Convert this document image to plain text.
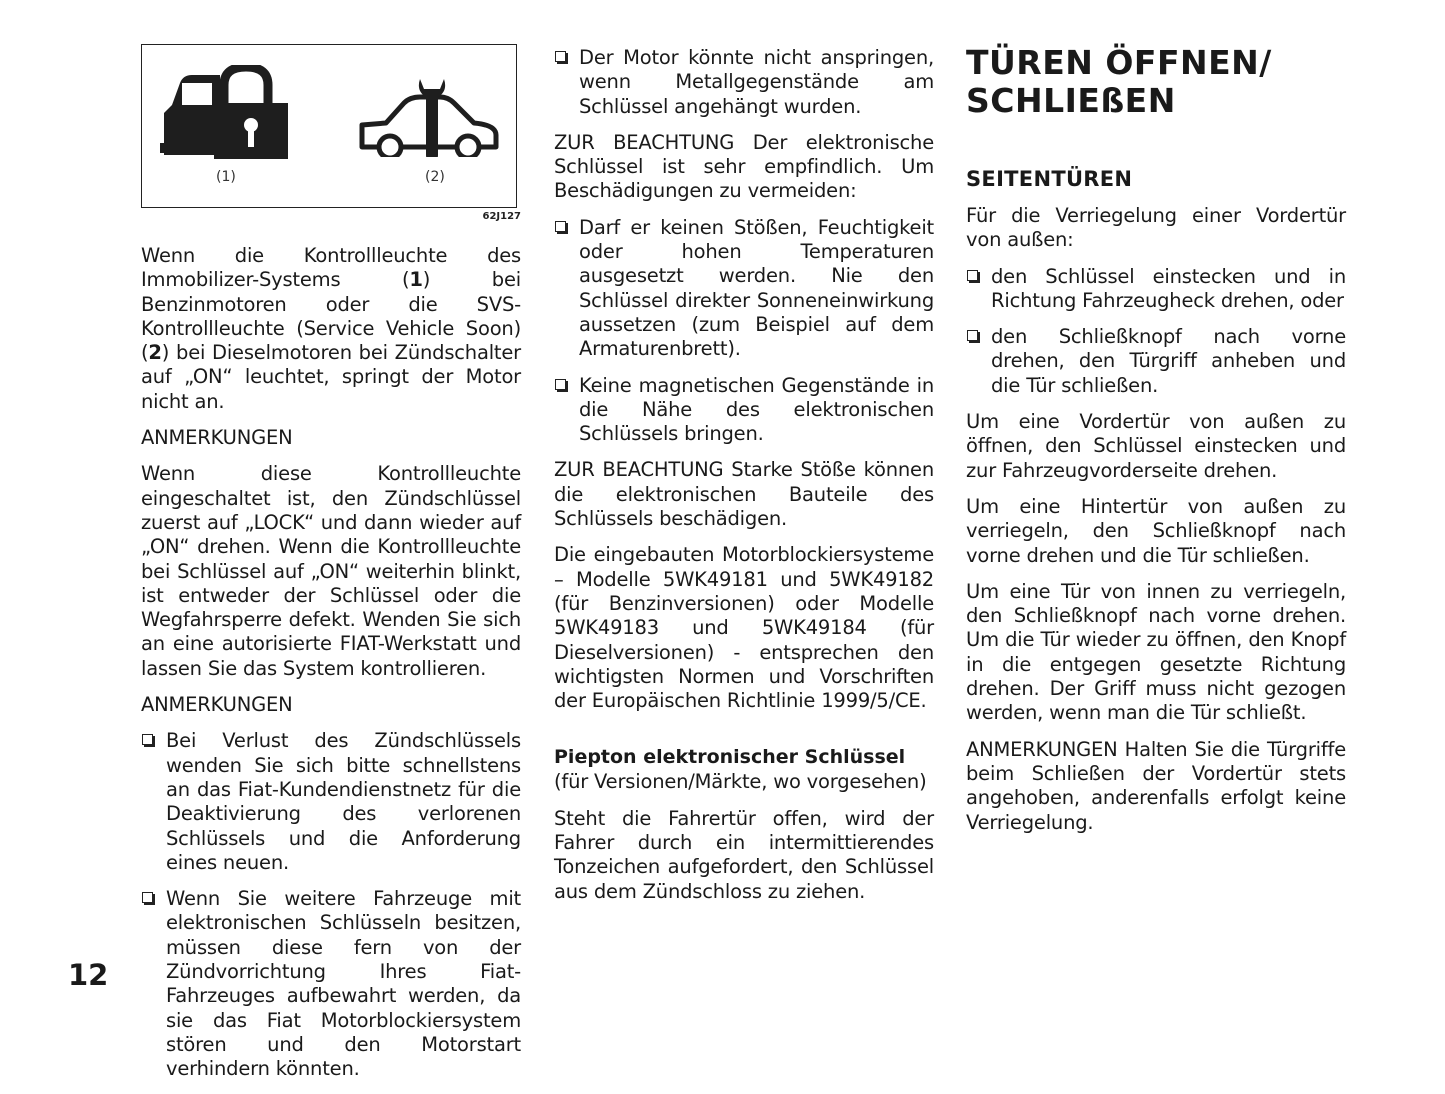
(1)	(2)
62J127

Wenn die Kontrollleuchte des Immobilizer-Systems (1) bei Benzinmotoren oder die SVS-Kontrollleuchte (Service Vehicle Soon) (2) bei Dieselmotoren bei Zündschalter auf „ON“ leuchtet, springt der Motor nicht an.

ANMERKUNGEN

Wenn diese Kontrollleuchte eingeschaltet ist, den Zündschlüssel zuerst auf „LOCK“ und dann wieder auf „ON“ drehen. Wenn die Kontrollleuchte bei Schlüssel auf „ON“ weiterhin blinkt, ist entweder der Schlüssel oder die Wegfahrsperre defekt. Wenden Sie sich an eine autorisierte FIAT-Werkstatt und lassen Sie das System kontrollieren.

ANMERKUNGEN

Bei Verlust des Zündschlüssels wenden Sie sich bitte schnellstens an das Fiat-Kundendienstnetz für die Deaktivierung des verlorenen Schlüssels und die Anforderung eines neuen.

Wenn Sie weitere Fahrzeuge mit elektronischen Schlüsseln besitzen, müssen diese fern von der Zündvorrichtung Ihres Fiat-Fahrzeuges aufbewahrt werden, da sie das Fiat Motorblockiersystem stören und den Motorstart verhindern könnten.

Der Motor könnte nicht anspringen, wenn Metallgegenstände am Schlüssel angehängt wurden.

ZUR BEACHTUNG Der elektronische Schlüssel ist sehr empfindlich. Um Beschädigungen zu vermeiden:

Darf er keinen Stößen, Feuchtigkeit oder hohen Temperaturen ausgesetzt werden. Nie den Schlüssel direkter Sonneneinwirkung aussetzen (zum Beispiel auf dem Armaturenbrett).

Keine magnetischen Gegenstände in die Nähe des elektronischen Schlüssels bringen.

ZUR BEACHTUNG Starke Stöße können die elektronischen Bauteile des Schlüssels beschädigen.

Die eingebauten Motorblockiersysteme – Modelle 5WK49181 und 5WK49182 (für Benzinversionen) oder Modelle 5WK49183 und 5WK49184 (für Dieselversionen) - entsprechen den wichtigsten Normen und Vorschriften der Europäischen Richtlinie 1999/5/CE.

Piepton elektronischer Schlüssel

(für Versionen/Märkte, wo vorgesehen)

Steht die Fahrertür offen, wird der Fahrer durch ein intermittierendes Tonzeichen aufgefordert, den Schlüssel aus dem Zündschloss zu ziehen.

TÜREN ÖFFNEN/
SCHLIEßEN
SEITENTÜREN

Für die Verriegelung einer Vordertür von außen:

den Schlüssel einstecken und in Richtung Fahrzeugheck drehen, oder

den Schließknopf nach vorne drehen, den Türgriff anheben und die Tür schließen.

Um eine Vordertür von außen zu öffnen, den Schlüssel einstecken und zur Fahrzeugvorderseite drehen.

Um eine Hintertür von außen zu verriegeln, den Schließknopf nach vorne drehen und die Tür schließen.

Um eine Tür von innen zu verriegeln, den Schließknopf nach vorne drehen. Um die Tür wieder zu öffnen, den Knopf in die entgegen gesetzte Richtung drehen. Der Griff muss nicht gezogen werden, wenn man die Tür schließt.

ANMERKUNGEN Halten Sie die Türgriffe beim Schließen der Vordertür stets angehoben, anderenfalls erfolgt keine Verriegelung.

12
